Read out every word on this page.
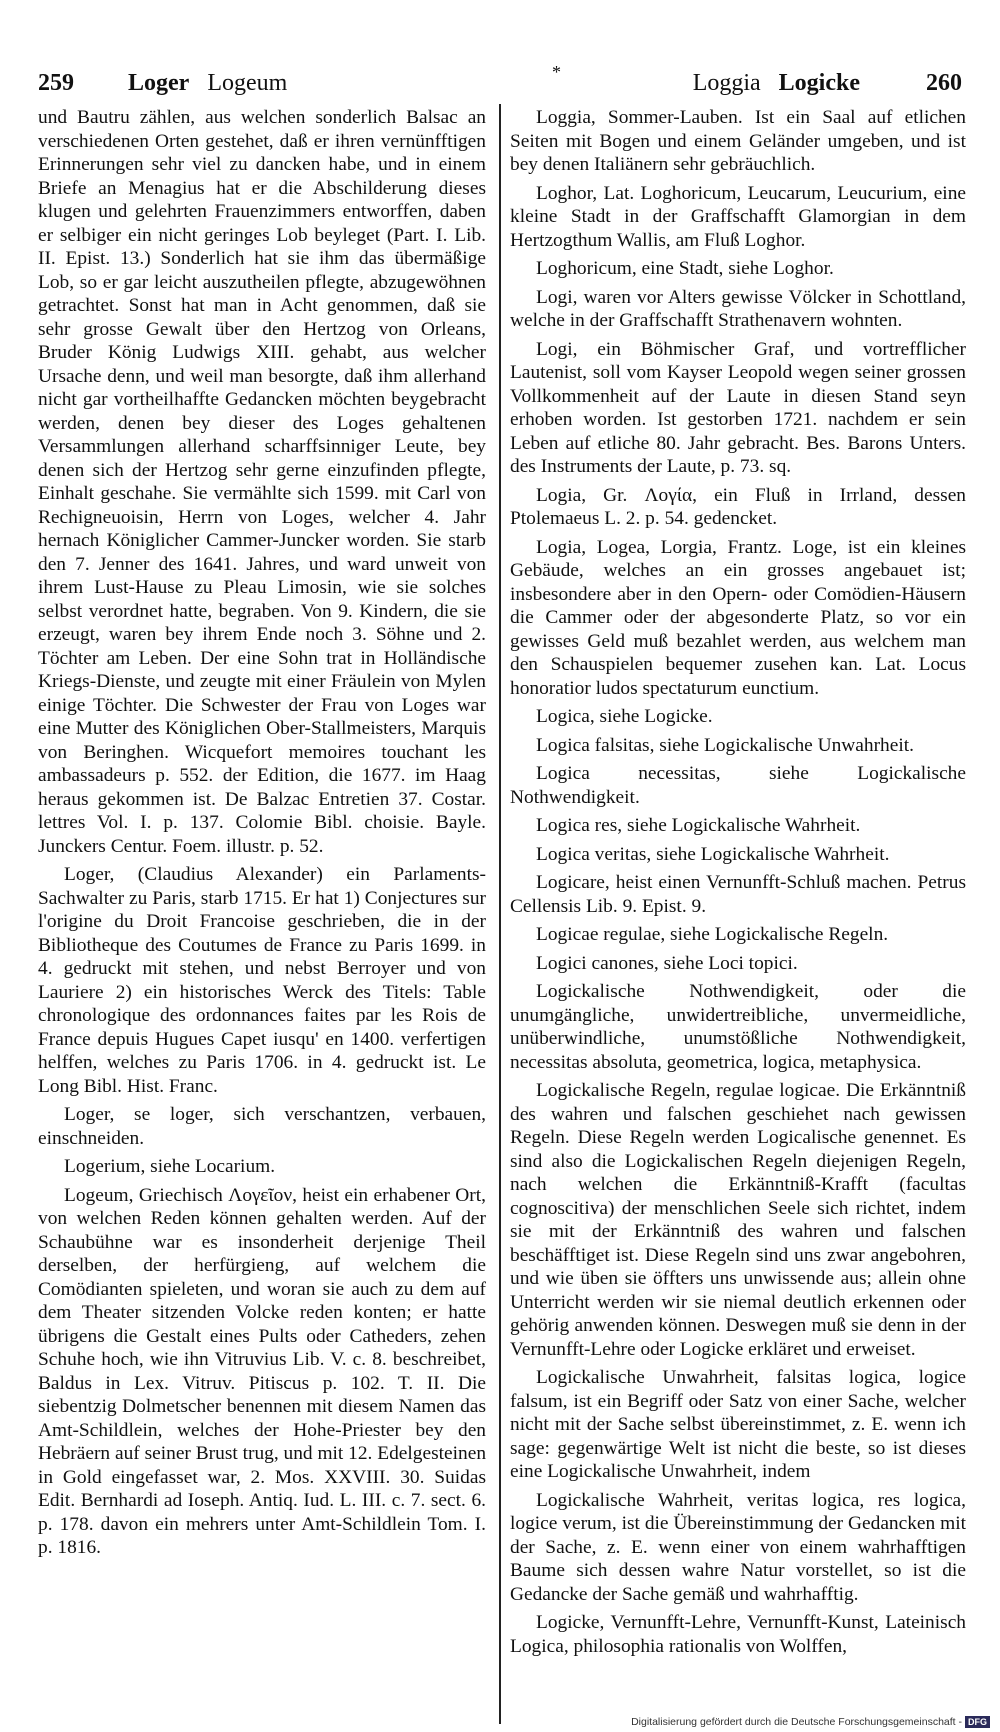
259 Loger Logeum	*	Loggia Logicke	260

und Bautru zählen, aus welchen sonderlich Balsac an verschiedenen Orten gestehet, daß er ihren vernünfftigen Erinnerungen sehr viel zu dancken habe, und in einem Briefe an Menagius hat er die Abschilderung dieses klugen und gelehrten Frauenzimmers entworffen, daben er selbiger ein nicht geringes Lob beyleget (Part. I. Lib. II. Epist. 13.) Sonderlich hat sie ihm das übermäßige Lob, so er gar leicht auszutheilen pflegte, abzugewöhnen getrachtet. Sonst hat man in Acht genommen, daß sie sehr grosse Gewalt über den Hertzog von Orleans, Bruder König Ludwigs XIII. gehabt, aus welcher Ursache denn, und weil man besorgte, daß ihm allerhand nicht gar vortheilhaffte Gedancken möchten beygebracht werden, denen bey dieser des Loges gehaltenen Versammlungen allerhand scharffsinniger Leute, bey denen sich der Hertzog sehr gerne einzufinden pflegte, Einhalt geschahe. Sie vermählte sich 1599. mit Carl von Rechigneuoisin, Herrn von Loges, welcher 4. Jahr hernach Königlicher Cammer-Juncker worden. Sie starb den 7. Jenner des 1641. Jahres, und ward unweit von ihrem Lust-Hause zu Pleau Limosin, wie sie solches selbst verordnet hatte, begraben. Von 9. Kindern, die sie erzeugt, waren bey ihrem Ende noch 3. Söhne und 2. Töchter am Leben. Der eine Sohn trat in Holländische Kriegs-Dienste, und zeugte mit einer Fräulein von Mylen einige Töchter. Die Schwester der Frau von Loges war eine Mutter des Königlichen Ober-Stallmeisters, Marquis von Beringhen. Wicquefort memoires touchant les ambassadeurs p. 552. der Edition, die 1677. im Haag heraus gekommen ist. De Balzac Entretien 37. Costar. lettres Vol. I. p. 137. Colomie Bibl. choisie. Bayle. Junckers Centur. Foem. illustr. p. 52.

Loger, (Claudius Alexander) ein Parlaments-Sachwalter zu Paris, starb 1715. Er hat 1) Conjectures sur l'origine du Droit Francoise geschrieben, die in der Bibliotheque des Coutumes de France zu Paris 1699. in 4. gedruckt mit stehen, und nebst Berroyer und von Lauriere 2) ein historisches Werck des Titels: Table chronologique des ordonnances faites par les Rois de France depuis Hugues Capet iusqu' en 1400. verfertigen helffen, welches zu Paris 1706. in 4. gedruckt ist. Le Long Bibl. Hist. Franc.

Loger, se loger, sich verschantzen, verbauen, einschneiden.

Logerium, siehe Locarium.

Logeum, Griechisch Λογεῖον, heist ein erhabener Ort, von welchen Reden können gehalten werden. Auf der Schaubühne war es insonderheit derjenige Theil derselben, der herfürgieng, auf welchem die Comödianten spieleten, und woran sie auch zu dem auf dem Theater sitzenden Volcke reden konten; er hatte übrigens die Gestalt eines Pults oder Catheders, zehen Schuhe hoch, wie ihn Vitruvius Lib. V. c. 8. beschreibet, Baldus in Lex. Vitruv. Pitiscus p. 102. T. II. Die siebentzig Dolmetscher benennen mit diesem Namen das Amt-Schildlein, welches der Hohe-Priester bey den Hebräern auf seiner Brust trug, und mit 12. Edelgesteinen in Gold eingefasset war, 2. Mos. XXVIII. 30. Suidas Edit. Bernhardi ad Ioseph. Antiq. Iud. L. III. c. 7. sect. 6. p. 178. davon ein mehrers unter Amt-Schildlein Tom. I. p. 1816.

Loggia, Sommer-Lauben. Ist ein Saal auf etlichen Seiten mit Bogen und einem Geländer umgeben, und ist bey denen Italiänern sehr gebräuchlich.

Loghor, Lat. Loghoricum, Leucarum, Leucurium, eine kleine Stadt in der Graffschafft Glamorgian in dem Hertzogthum Wallis, am Fluß Loghor.

Loghoricum, eine Stadt, siehe Loghor.

Logi, waren vor Alters gewisse Völcker in Schottland, welche in der Graffschafft Strathenavern wohnten.

Logi, ein Böhmischer Graf, und vortrefflicher Lautenist, soll vom Kayser Leopold wegen seiner grossen Vollkommenheit auf der Laute in diesen Stand seyn erhoben worden. Ist gestorben 1721. nachdem er sein Leben auf etliche 80. Jahr gebracht. Bes. Barons Unters. des Instruments der Laute, p. 73. sq.

Logia, Gr. Λογία, ein Fluß in Irrland, dessen Ptolemaeus L. 2. p. 54. gedencket.

Logia, Logea, Lorgia, Frantz. Loge, ist ein kleines Gebäude, welches an ein grosses angebauet ist; insbesondere aber in den Opern- oder Comödien-Häusern die Cammer oder der abgesonderte Platz, so vor ein gewisses Geld muß bezahlet werden, aus welchem man den Schauspielen bequemer zusehen kan. Lat. Locus honoratior ludos spectaturum eunctium.

Logica, siehe Logicke.

Logica falsitas, siehe Logickalische Unwahrheit.

Logica necessitas, siehe Logickalische Nothwendigkeit.

Logica res, siehe Logickalische Wahrheit.

Logica veritas, siehe Logickalische Wahrheit.

Logicare, heist einen Vernunfft-Schluß machen. Petrus Cellensis Lib. 9. Epist. 9.

Logicae regulae, siehe Logickalische Regeln.

Logici canones, siehe Loci topici.

Logickalische Nothwendigkeit, oder die unumgängliche, unwidertreibliche, unvermeidliche, unüberwindliche, unumstößliche Nothwendigkeit, necessitas absoluta, geometrica, logica, metaphysica.

Logickalische Regeln, regulae logicae. Die Erkänntniß des wahren und falschen geschiehet nach gewissen Regeln. Diese Regeln werden Logicalische genennet. Es sind also die Logickalischen Regeln diejenigen Regeln, nach welchen die Erkänntniß-Krafft (facultas cognoscitiva) der menschlichen Seele sich richtet, indem sie mit der Erkänntniß des wahren und falschen beschäfftiget ist. Diese Regeln sind uns zwar angebohren, und wie üben sie öffters uns unwissende aus; allein ohne Unterricht werden wir sie niemal deutlich erkennen oder gehörig anwenden können. Deswegen muß sie denn in der Vernunfft-Lehre oder Logicke erkläret und erweiset.

Logickalische Unwahrheit, falsitas logica, logice falsum, ist ein Begriff oder Satz von einer Sache, welcher nicht mit der Sache selbst übereinstimmet, z. E. wenn ich sage: gegenwärtige Welt ist nicht die beste, so ist dieses eine Logickalische Unwahrheit, indem

Logickalische Wahrheit, veritas logica, res logica, logice verum, ist die Übereinstimmung der Gedancken mit der Sache, z. E. wenn einer von einem wahrhafftigen Baume sich dessen wahre Natur vorstellet, so ist die Gedancke der Sache gemäß und wahrhafftig.

Logicke, Vernunfft-Lehre, Vernunfft-Kunst, Lateinisch Logica, philosophia rationalis von Wolffen,

Digitalisierung gefördert durch die Deutsche Forschungsgemeinschaft - DFG
